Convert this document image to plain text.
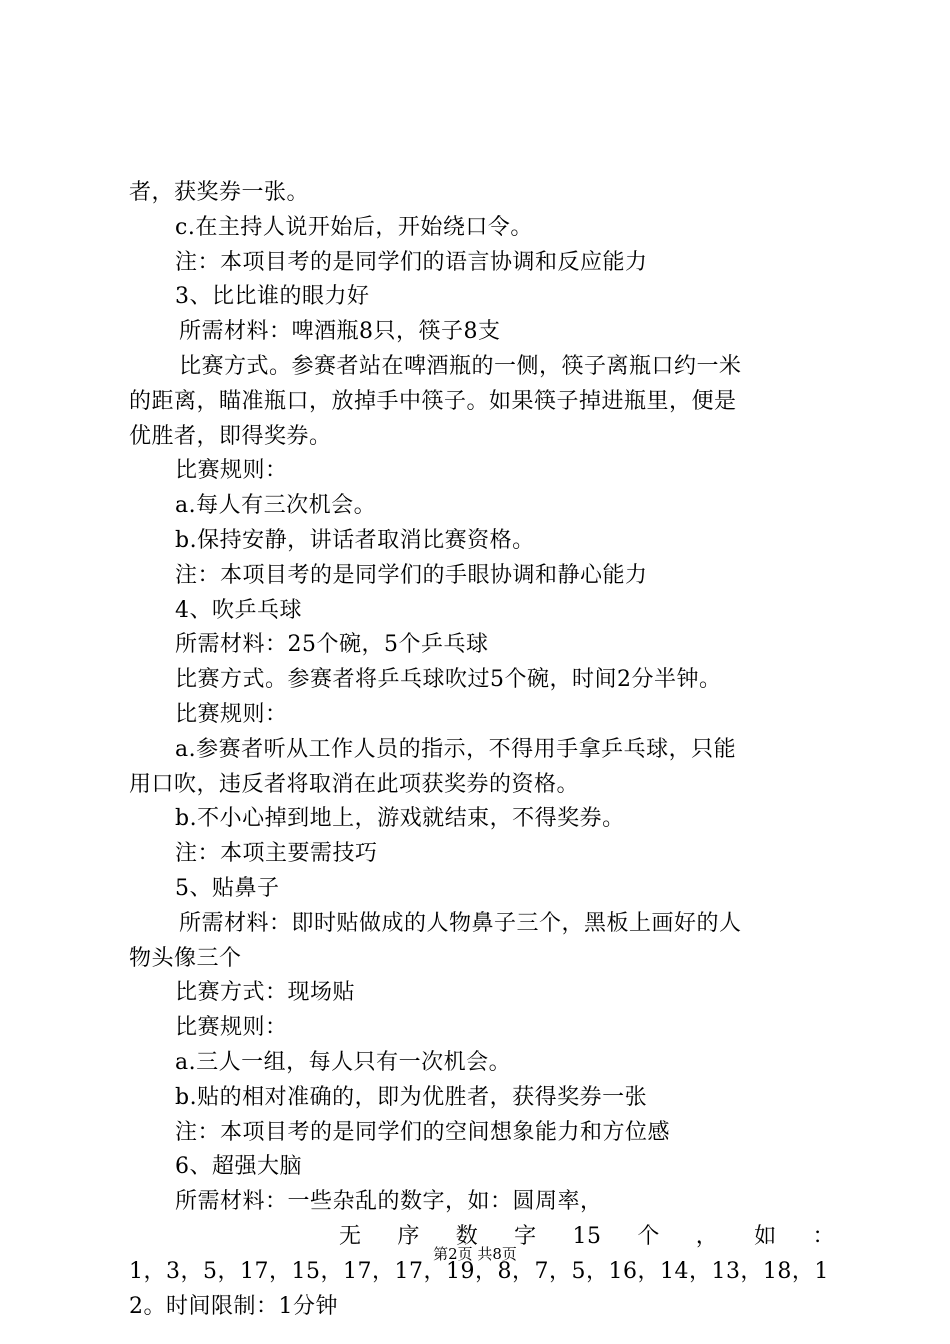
者，获奖券一张。
c.在主持人说开始后，开始绕口令。
注：本项目考的是同学们的语言协调和反应能力
3、比比谁的眼力好
所需材料：啤酒瓶8只，筷子8支
比赛方式。参赛者站在啤酒瓶的一侧，筷子离瓶口约一米
的距离，瞄准瓶口，放掉手中筷子。如果筷子掉进瓶里，便是
优胜者，即得奖券。
比赛规则：
a.每人有三次机会。
b.保持安静，讲话者取消比赛资格。
注：本项目考的是同学们的手眼协调和静心能力
4、吹乒乓球
所需材料：25个碗，5个乒乓球
比赛方式。参赛者将乒乓球吹过5个碗，时间2分半钟。
比赛规则：
a.参赛者听从工作人员的指示，不得用手拿乒乓球，只能
用口吹，违反者将取消在此项获奖券的资格。
b.不小心掉到地上，游戏就结束，不得奖券。
注：本项主要需技巧
5、贴鼻子
所需材料：即时贴做成的人物鼻子三个，黑板上画好的人
物头像三个
比赛方式：现场贴
比赛规则：
a.三人一组，每人只有一次机会。
b.贴的相对准确的，即为优胜者，获得奖券一张
注：本项目考的是同学们的空间想象能力和方位感
6、超强大脑
所需材料：一些杂乱的数字，如：圆周率，
无 序 数 字 15 个 ， 如 ：
1，3，5，17，15，17，17，19，8，7，5，16，14，13，18，1
2。时间限制：1分钟
第2页 共8页
